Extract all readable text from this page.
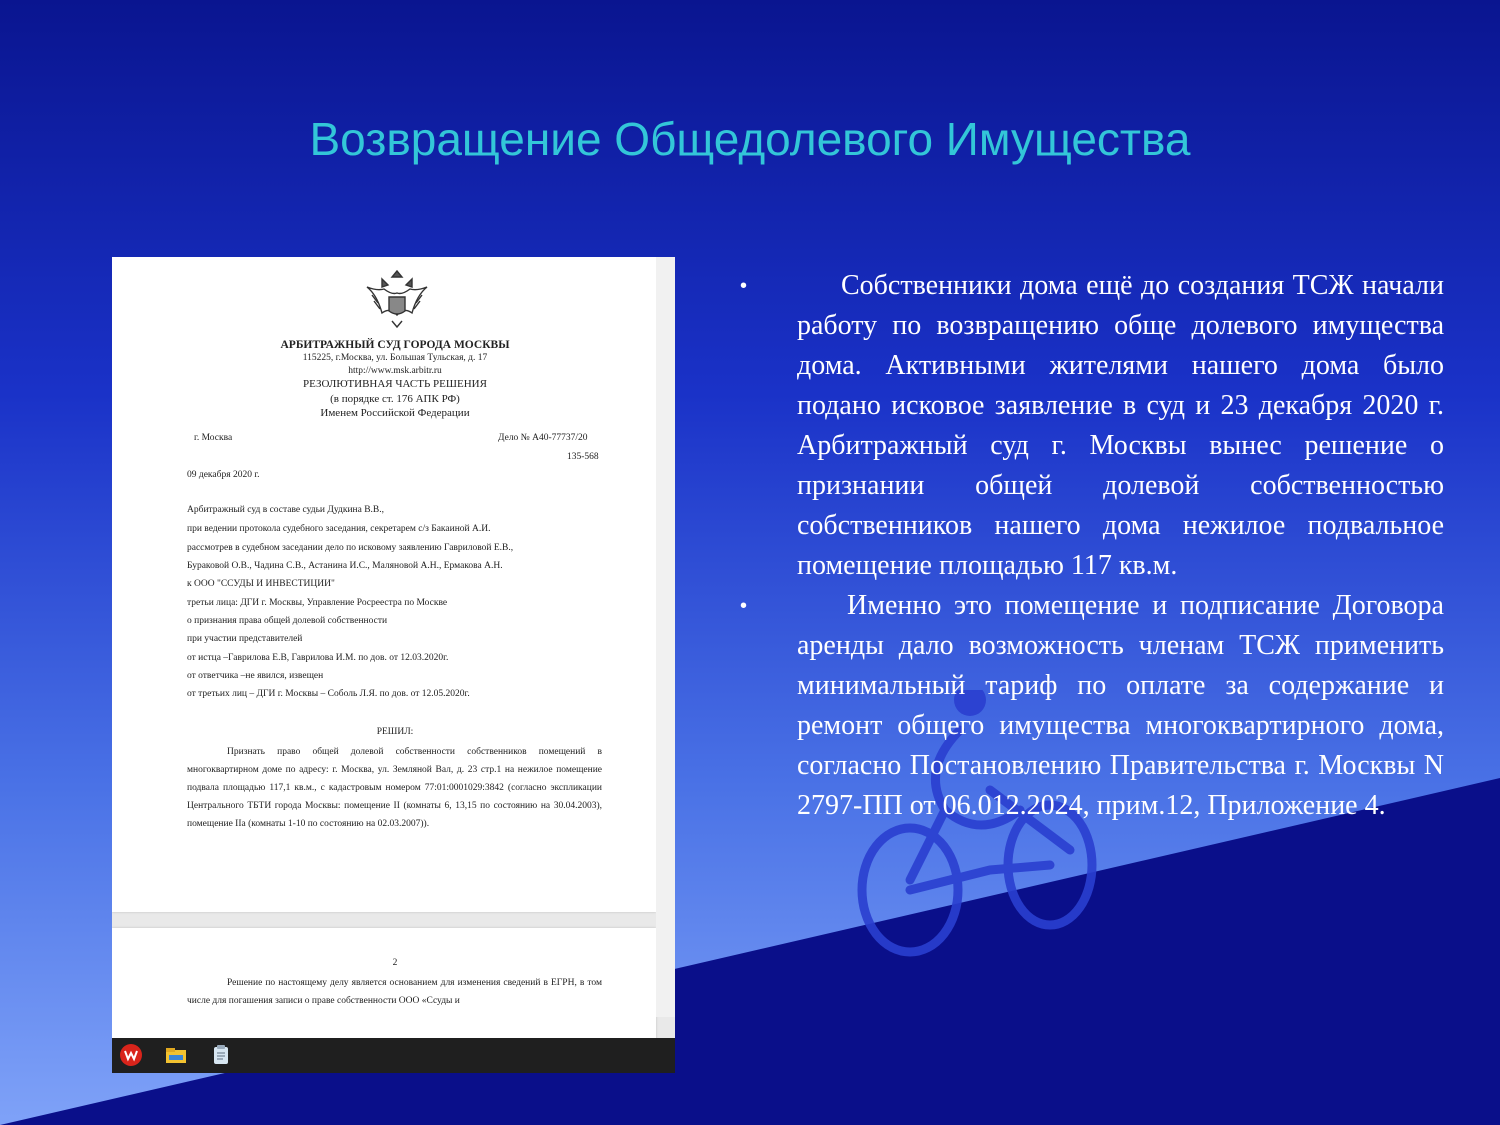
Возвращение Общедолевого Имущества
АРБИТРАЖНЫЙ СУД ГОРОДА МОСКВЫ
115225, г.Москва, ул. Большая Тульская, д. 17
http://www.msk.arbitr.ru
РЕЗОЛЮТИВНАЯ ЧАСТЬ РЕШЕНИЯ
(в порядке ст. 176 АПК РФ)
Именем Российской Федерации
г. Москва	Дело № А40-77737/20
135-568
09 декабря 2020 г.
Арбитражный суд в составе судьи Дудкина В.В.,
при ведении протокола судебного заседания, секретарем с/з Бакаиной А.И.
рассмотрев в судебном заседании дело по исковому заявлению Гавриловой Е.В.,
Бураковой О.В., Чадина С.В., Астанина И.С., Маляновой А.Н., Ермакова А.Н.
к ООО "ССУДЫ И ИНВЕСТИЦИИ"
третьи лица: ДГИ г. Москвы, Управление Росреестра по Москве
о признания права общей долевой собственности
при участии представителей
от истца –Гаврилова Е.В, Гаврилова И.М. по дов. от 12.03.2020г.
от ответчика –не явился, извещен
от третьих лиц – ДГИ г. Москвы – Соболь Л.Я. по дов. от 12.05.2020г.
РЕШИЛ:
Признать право общей долевой собственности собственников помещений в многоквартирном доме по адресу: г. Москва, ул. Земляной Вал, д. 23 стр.1 на нежилое помещение подвала площадью 117,1 кв.м., с кадастровым номером 77:01:0001029:3842 (согласно экспликации Центрального ТБТИ города Москвы: помещение II (комнаты 6, 13,15 по состоянию на 30.04.2003), помещение IIа (комнаты 1-10 по состоянию на 02.03.2007)).
2
Решение по настоящему делу является основанием для изменения сведений в ЕГРН, в том числе для погашения записи о праве собственности ООО «Ссуды и
•	Собственники дома ещё до создания ТСЖ начали работу по возвращению обще долевого имущества дома. Активными жителями нашего дома было подано исковое заявление в суд и 23 декабря 2020 г. Арбитражный суд г. Москвы вынес решение о признании общей долевой собственностью собственников нашего дома нежилое подвальное помещение площадью 117 кв.м.
•	Именно это помещение и подписание Договора аренды дало возможность членам ТСЖ применить минимальный тариф по оплате за содержание и ремонт общего имущества многоквартирного дома, согласно Постановлению Правительства г. Москвы N 2797-ПП от 06.012.2024, прим.12, Приложение 4.
